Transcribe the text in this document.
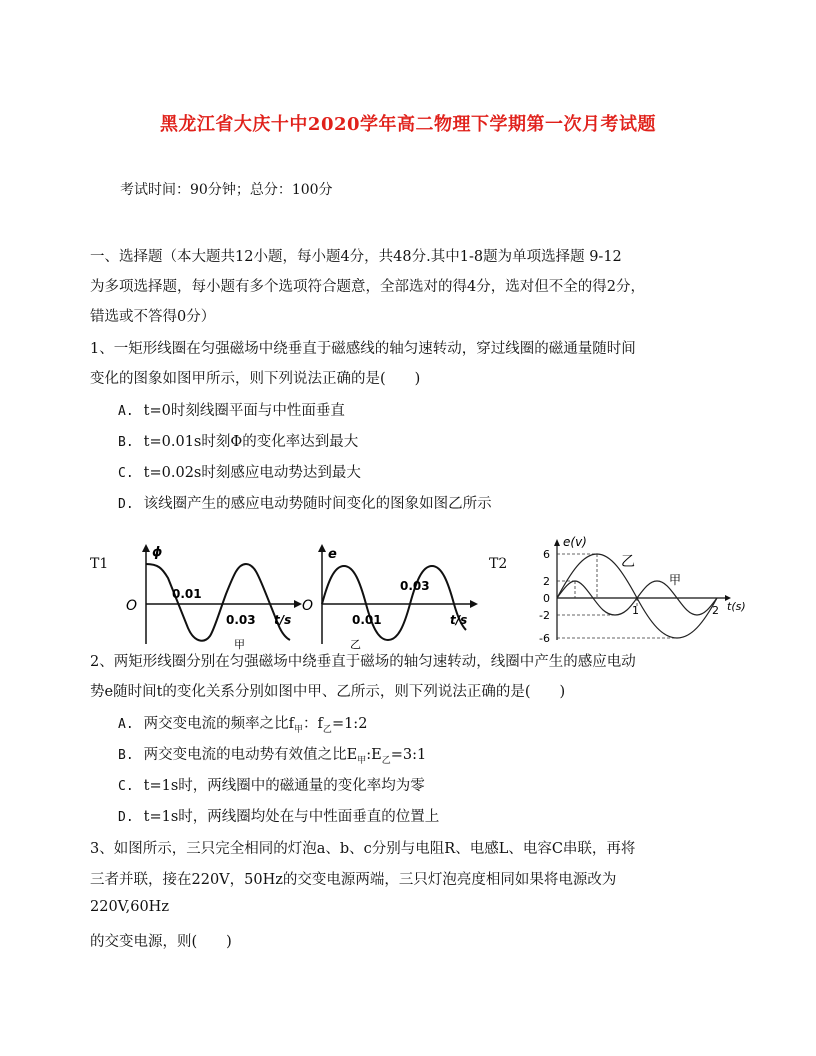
黑龙江省大庆十中2020学年高二物理下学期第一次月考试题
考试时间：90分钟；总分：100分
一、选择题（本大题共12小题，每小题4分，共48分.其中1-8题为单项选择题 9-12
为多项选择题，每小题有多个选项符合题意，全部选对的得4分，选对但不全的得2分，
错选或不答得0分）
1、一矩形线圈在匀强磁场中绕垂直于磁感线的轴匀速转动，穿过线圈的磁通量随时间
变化的图象如图甲所示，则下列说法正确的是(　　)
A. t=0时刻线圈平面与中性面垂直
B. t=0.01s时刻Φ的变化率达到最大
C. t=0.02s时刻感应电动势达到最大
D. 该线圈产生的感应电动势随时间变化的图象如图乙所示
T1	T2
ϕ
O
0.01
0.03 t/s
甲
e
O
0.01
0.03
t/s
乙
e(v)
6
2
0
-2
-6
1	2 t(s)
乙
甲
2、两矩形线圈分别在匀强磁场中绕垂直于磁场的轴匀速转动，线圈中产生的感应电动
势e随时间t的变化关系分别如图中甲、乙所示，则下列说法正确的是(　　)
A. 两交变电流的频率之比$f_甲$：$f_乙=1:2$
B. 两交变电流的电动势有效值之比$E_甲:E_乙=3:1$
C. t=1s时，两线圈中的磁通量的变化率均为零
D. t=1s时，两线圈均处在与中性面垂直的位置上
3、如图所示，三只完全相同的灯泡a、b、c分别与电阻R、电感L、电容C串联，再将
三者并联，接在220V，50Hz的交变电源两端，三只灯泡亮度相同如果将电源改为
220V,60Hz
的交变电源，则(　　)
